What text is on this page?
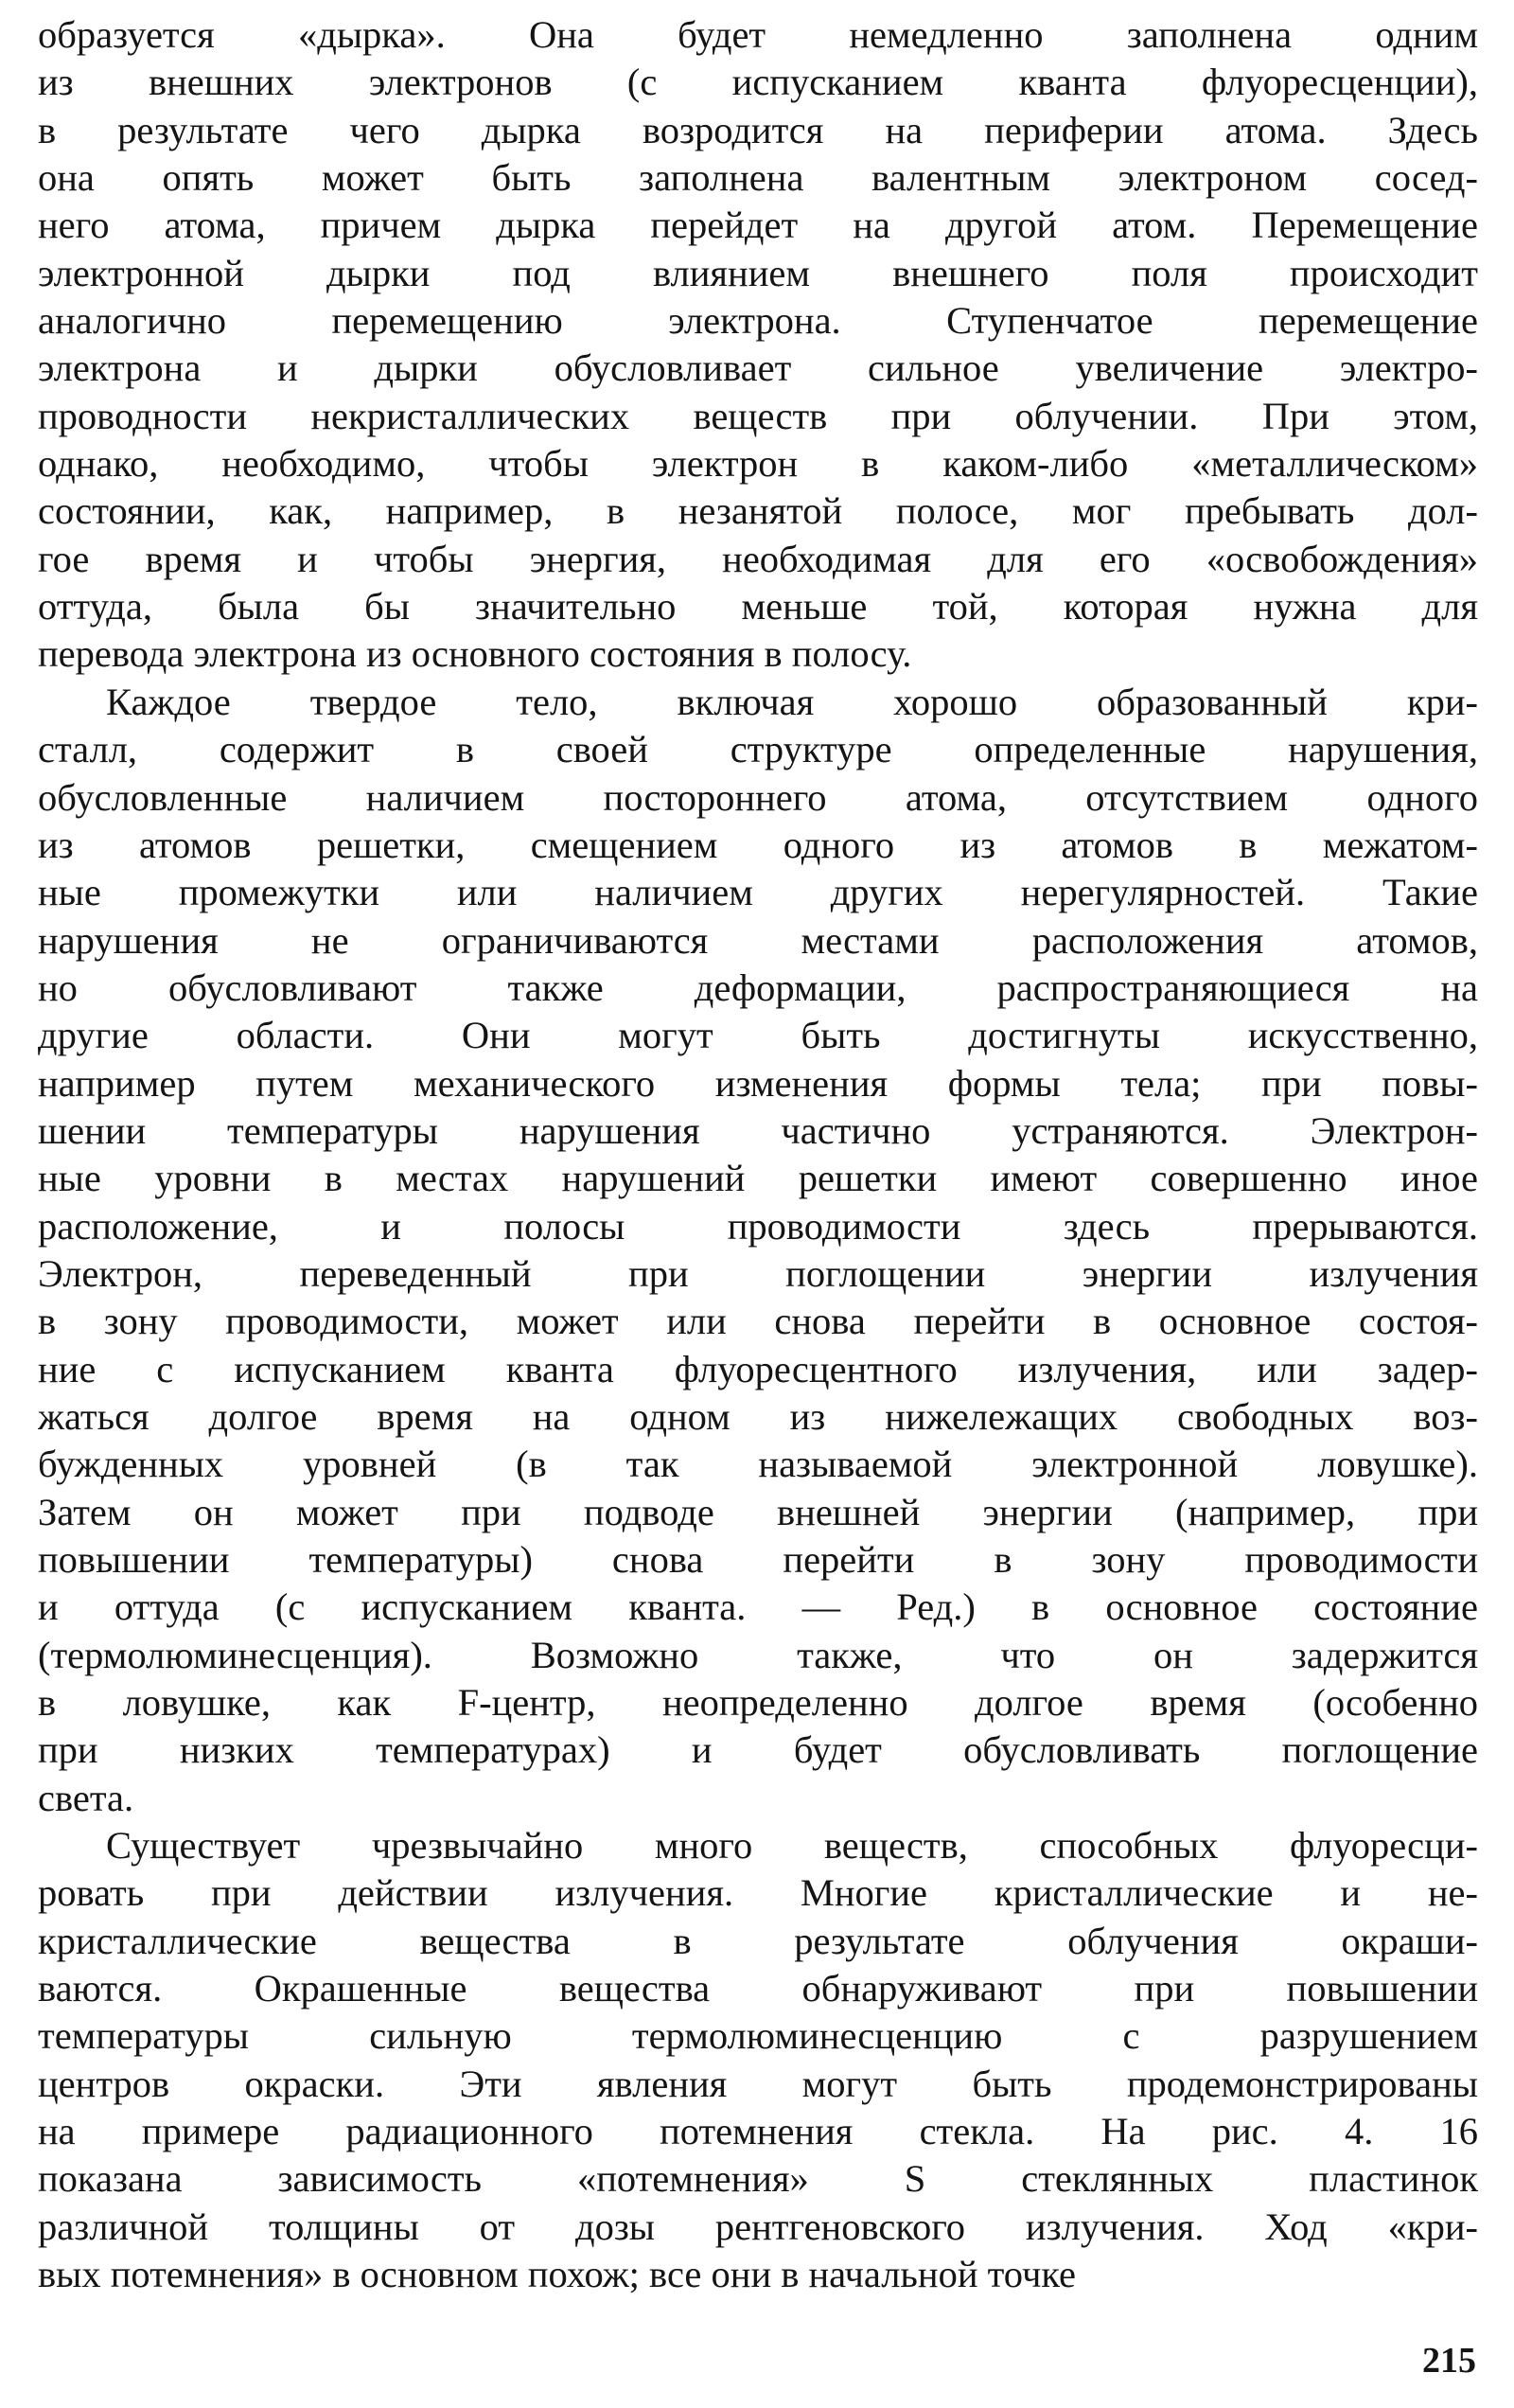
образуется «дырка». Она будет немедленно заполнена одним
из внешних электронов (с испусканием кванта флуоресценции),
в результате чего дырка возродится на периферии атома. Здесь
она опять может быть заполнена валентным электроном сосед-
него атома, причем дырка перейдет на другой атом. Перемещение
электронной дырки под влиянием внешнего поля происходит
аналогично перемещению электрона. Ступенчатое перемещение
электрона и дырки обусловливает сильное увеличение электро-
проводности некристаллических веществ при облучении. При этом,
однако, необходимо, чтобы электрон в каком-либо «металлическом»
состоянии, как, например, в незанятой полосе, мог пребывать дол-
гое время и чтобы энергия, необходимая для его «освобождения»
оттуда, была бы значительно меньше той, которая нужна для
перевода электрона из основного состояния в полосу.
Каждое твердое тело, включая хорошо образованный кри-
сталл, содержит в своей структуре определенные нарушения,
обусловленные наличием постороннего атома, отсутствием одного
из атомов решетки, смещением одного из атомов в межатом-
ные промежутки или наличием других нерегулярностей. Такие
нарушения не ограничиваются местами расположения атомов,
но обусловливают также деформации, распространяющиеся на
другие области. Они могут быть достигнуты искусственно,
например путем механического изменения формы тела; при повы-
шении температуры нарушения частично устраняются. Электрон-
ные уровни в местах нарушений решетки имеют совершенно иное
расположение, и полосы проводимости здесь прерываются.
Электрон, переведенный при поглощении энергии излучения
в зону проводимости, может или снова перейти в основное состоя-
ние с испусканием кванта флуоресцентного излучения, или задер-
жаться долгое время на одном из нижележащих свободных воз-
бужденных уровней (в так называемой электронной ловушке).
Затем он может при подводе внешней энергии (например, при
повышении температуры) снова перейти в зону проводимости
и оттуда (с испусканием кванта. — Ред.) в основное состояние
(термолюминесценция). Возможно также, что он задержится
в ловушке, как F-центр, неопределенно долгое время (особенно
при низких температурах) и будет обусловливать поглощение
света.
Существует чрезвычайно много веществ, способных флуоресци-
ровать при действии излучения. Многие кристаллические и не-
кристаллические вещества в результате облучения окраши-
ваются. Окрашенные вещества обнаруживают при повышении
температуры сильную термолюминесценцию с разрушением
центров окраски. Эти явления могут быть продемонстрированы
на примере радиационного потемнения стекла. На рис. 4. 16
показана зависимость «потемнения» S стеклянных пластинок
различной толщины от дозы рентгеновского излучения. Ход «кри-
вых потемнения» в основном похож; все они в начальной точке
215
